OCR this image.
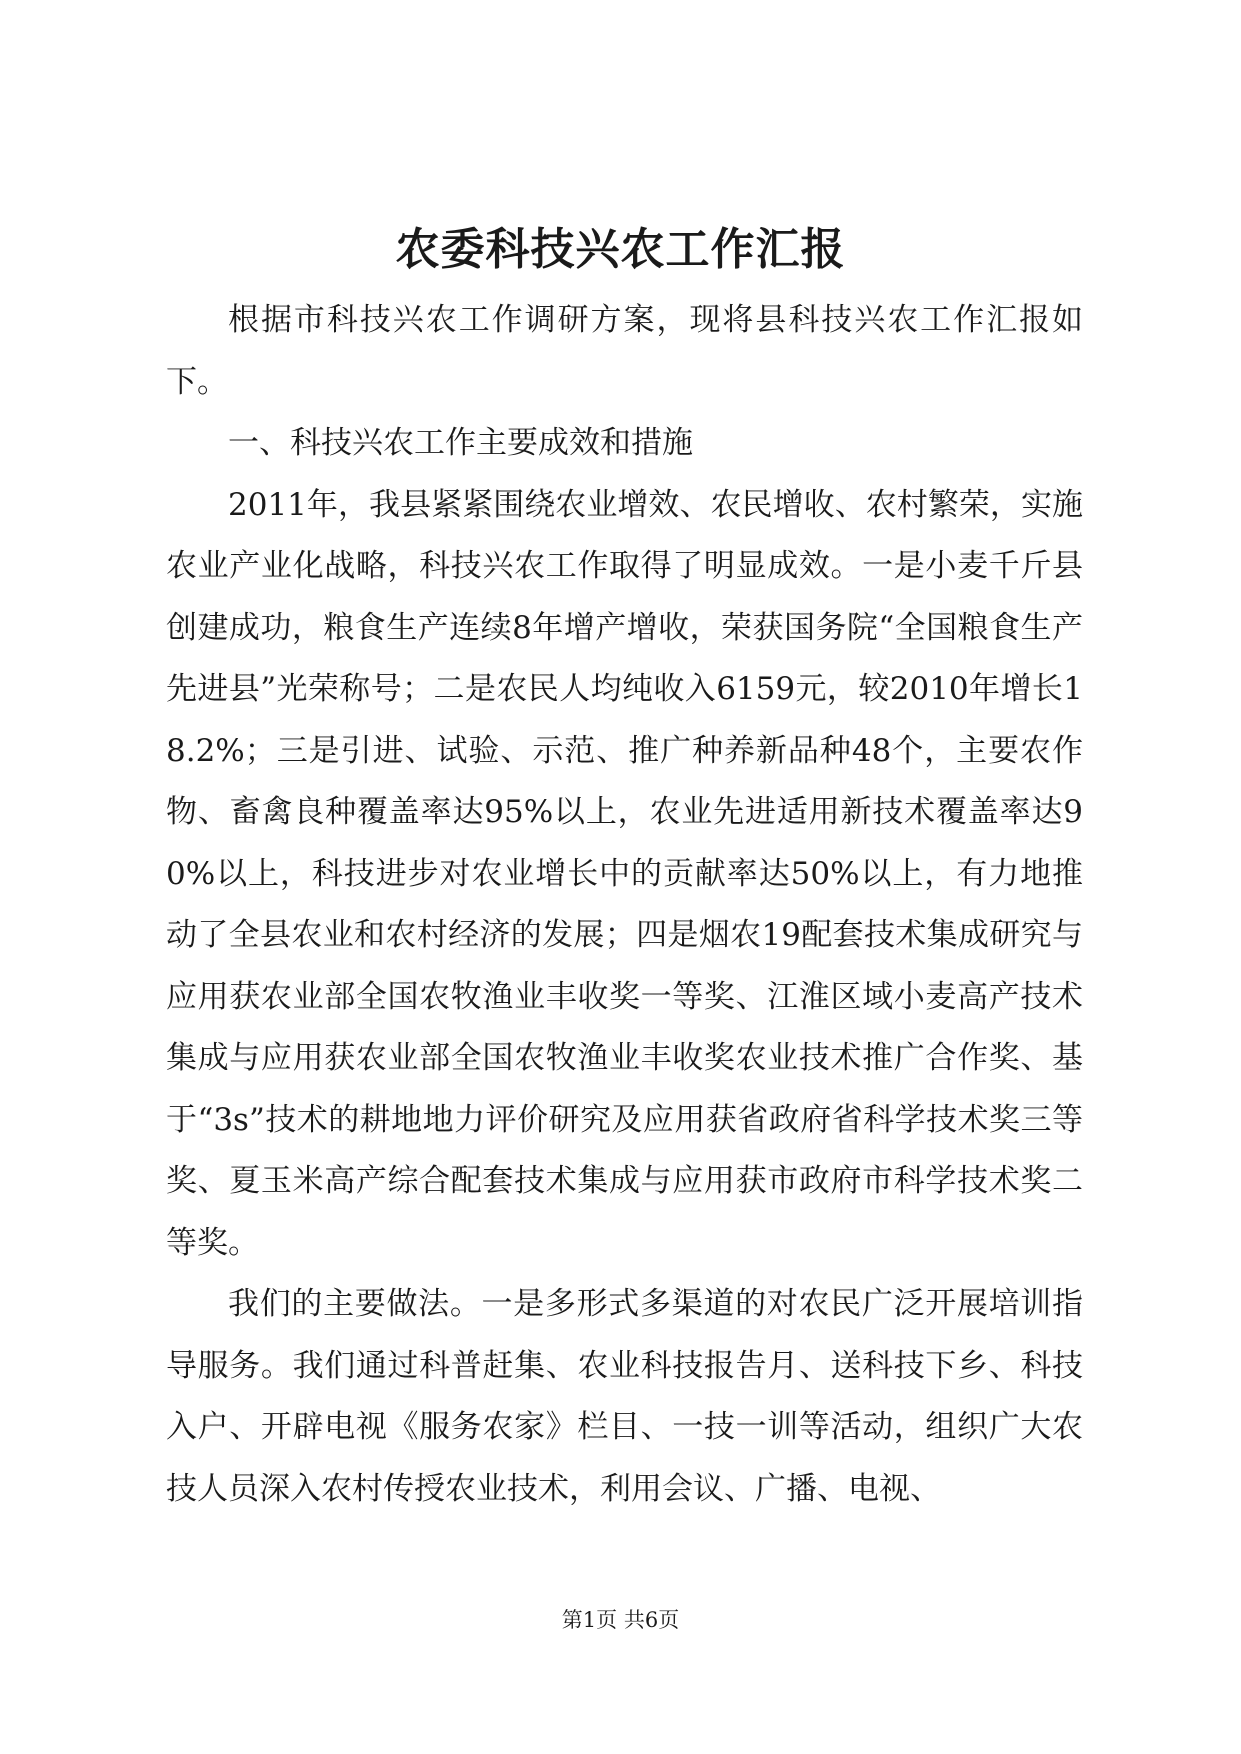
农委科技兴农工作汇报

根据市科技兴农工作调研方案，现将县科技兴农工作汇报如下。

一、科技兴农工作主要成效和措施

2011年，我县紧紧围绕农业增效、农民增收、农村繁荣，实施农业产业化战略，科技兴农工作取得了明显成效。一是小麦千斤县创建成功，粮食生产连续8年增产增收，荣获国务院“全国粮食生产先进县”光荣称号；二是农民人均纯收入6159元，较2010年增长18.2%；三是引进、试验、示范、推广种养新品种48个，主要农作物、畜禽良种覆盖率达95%以上，农业先进适用新技术覆盖率达90%以上，科技进步对农业增长中的贡献率达50%以上，有力地推动了全县农业和农村经济的发展；四是烟农19配套技术集成研究与应用获农业部全国农牧渔业丰收奖一等奖、江淮区域小麦高产技术集成与应用获农业部全国农牧渔业丰收奖农业技术推广合作奖、基于“3s”技术的耕地地力评价研究及应用获省政府省科学技术奖三等奖、夏玉米高产综合配套技术集成与应用获市政府市科学技术奖二等奖。

我们的主要做法。一是多形式多渠道的对农民广泛开展培训指导服务。我们通过科普赶集、农业科技报告月、送科技下乡、科技入户、开辟电视《服务农家》栏目、一技一训等活动，组织广大农技人员深入农村传授农业技术，利用会议、广播、电视、

第1页 共6页
